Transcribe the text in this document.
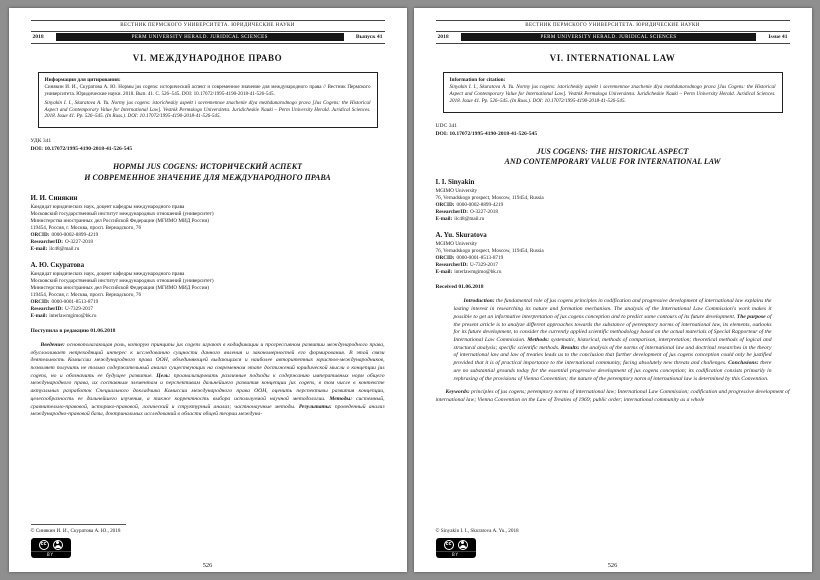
ВЕСТНИК ПЕРМСКОГО УНИВЕРСИТЕТА. ЮРИДИЧЕСКИЕ НАУКИ
2018	PERM UNIVERSITY HERALD. JURIDICAL SCIENCES	Выпуск 41
VI. МЕЖДУНАРОДНОЕ ПРАВО
Информация для цитирования:
Синякин И. И., Скуратова А. Ю. Нормы jus cogens: исторический аспект и современное значение для международного права // Вестник Пермского университета. Юридические науки. 2018. Вып. 41. C. 526–545. DOI: 10.17072/1995-4190-2018-41-526-545.
Sinyakin I. I., Skuratova A. Yu. Normy jus cogens: istoricheskiy aspekt i sovremennoe znachenie dlya mezhdunarodnogo prava [Jus Cogens: the Historical Aspect and Contemporary Value for International Law]. Vestnik Permskogo Universiteta. Juridicheskie Nauki – Perm University Herald. Juridical Sciences. 2018. Issue 41. Pp. 526–545. (In Russ.). DOI: 10.17072/1995-4190-2018-41-526-545.
УДК 341
DOI: 10.17072/1995-4190-2018-41-526-545
НОРМЫ JUS COGENS: ИСТОРИЧЕСКИЙ АСПЕКТ
И СОВРЕМЕННОЕ ЗНАЧЕНИЕ ДЛЯ МЕЖДУНАРОДНОГО ПРАВА
И. И. Синякин
Кандидат юридических наук, доцент кафедры международного права
Московский государственный институт международных отношений (университет)
Министерства иностранных дел Российской Федерации (МГИМО МИД России)
119454, Россия, г. Москва, просп. Вернадского, 76
ORCID: 0000-0002-8899-4219
ResearcherID: O-3227-2018
E-mail: ilc48@mail.ru
А. Ю. Скуратова
Кандидат юридических наук, доцент кафедры международного права
Московский государственный институт международных отношений (университет)
Министерства иностранных дел Российской Федерации (МГИМО МИД России)
119454, Россия, г. Москва, просп. Вернадского, 76
ORCID: 0000-0001-8513-8719
ResearcherID: U-7329-2017
E-mail: interlawmgimo@bk.ru
Поступила в редакцию 01.06.2018
Введение: основополагающая роль, которую принципы jus cogens играют в кодификации и прогрессивном развитии международного права, обусловливает непреходящий интерес к исследованию сущности данного явления и закономерностей его формирования. В этой связи деятельность Комиссии международного права ООН, объединяющей выдающихся и наиболее авторитетных юристов-международников, позволяет получить не только содержательный анализ существующих на современном этапе достижений юридической мысли о концепции jus cogens, но и обозначить ее будущее развитие. Цель: проанализировать различные подходы к содержанию императивных норм общего международного права, их составным элементам и перспективам дальнейшего развития концепции jus cogens, в том числе в контексте актуальных разработок Специального докладчика Комиссии международного права ООН, оценить перспективы развития концепции, целесообразность ее дальнейшего изучения, а также корректность выбора используемой научной методологии. Методы: системный, сравнительно-правовой, историко-правовой, логический и структурный анализ; частнонаучные методы. Результаты: проведенный анализ международно-правовой базы, доктринальных исследований в области общей теории междуна-
© Синякин И. И., Скуратова А. Ю., 2018
cc
BY
526
ВЕСТНИК ПЕРМСКОГО УНИВЕРСИТЕТА. ЮРИДИЧЕСКИЕ НАУКИ
2018	PERM UNIVERSITY HERALD. JURIDICAL SCIENCES	Issue 41
VI. INTERNATIONAL LAW
Information for citation:
Sinyakin I. I., Skuratova A. Yu. Normy jus cogens: istoricheskiy aspekt i sovremennoe znachenie dlya mezhdunarodnogo prava [Jus Cogens: the Historical Aspect and Contemporary Value for International Law]. Vestnik Permskogo Universiteta. Juridicheskie Nauki – Perm University Herald. Juridical Sciences. 2018. Issue 41. Pp. 526–545. (In Russ.). DOI: 10.17072/1995-4190-2018-41-526-545.
UDC 341
DOI: 10.17072/1995-4190-2018-41-526-545
JUS COGENS: THE HISTORICAL ASPECT
AND CONTEMPORARY VALUE FOR INTERNATIONAL LAW
I. I. Sinyakin
MGIMO University
76, Vernadskogo prospect, Moscow, 119454, Russia
ORCID: 0000-0002-8899-4219
ResearcherID: O-3227-2018
E-mail: ilc48@mail.ru
A. Yu. Skuratova
MGIMO University
76, Vernadskogo prospect, Moscow, 119454, Russia
ORCID: 0000-0001-8513-8719
ResearcherID: U-7329-2017
E-mail: interlawmgimo@bk.ru
Received 01.06.2018
Introduction: the fundamental role of jus cogens principles in codification and progressive development of international law explains the lasting interest in researching its nature and formation mechanism. The analysis of the International Law Commission's work makes it possible to get an informative interpretation of jus cogens conception and to predict some contours of its future development. The purpose of the present article is to analyze different approaches towards the substance of peremptory norms of international law, its elements, outlooks for its future development, to consider the currently applied scientific methodology based on the actual materials of Special Rapporteur of the International Law Commission. Methods: systematic, historical, methods of comparison, interpretation; theoretical methods of logical and structural analysis; specific scientific methods. Results: the analysis of the norms of international law and doctrinal researches in the theory of international law and law of treaties leads us to the conclusion that further development of jus cogens conception could only be justified provided that it is of practical importance to the international community, facing absolutely new threats and challenges. Conclusions: there are no substantial grounds today for the essential progressive development of jus cogens conception; its codification consists primarily in rephrasing of the provisions of Vienna Convention; the nature of the peremptory norm of international law is determined by this Convention.
Keywords: principles of jus cogens; peremptory norms of international law; International Law Commission; codification and progressive development of international law; Vienna Convention on the Law of Treaties of 1969; public order; international community as a whole
© Sinyakin I. I., Skuratova A. Yu., 2018
cc
BY
526
